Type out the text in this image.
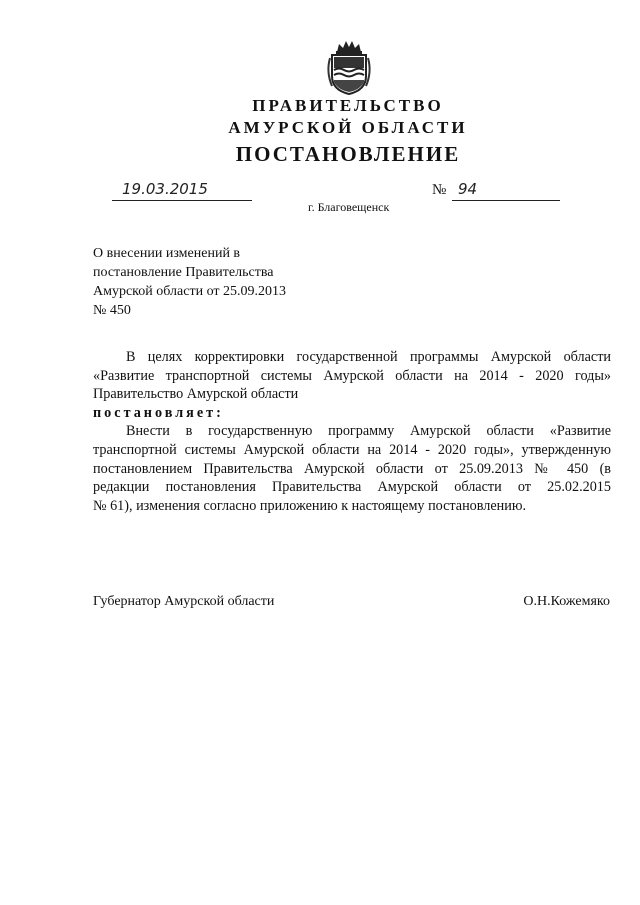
ПРАВИТЕЛЬСТВО
АМУРСКОЙ ОБЛАСТИ
ПОСТАНОВЛЕНИЕ
19.03.2015	№ 94
г. Благовещенск
О внесении изменений в
постановление Правительства
Амурской области от 25.09.2013
№ 450
В целях корректировки государственной программы Амурской области
«Развитие транспортной системы Амурской области на 2014 - 2020 годы»
Правительство Амурской области
постановляет:
Внести в государственную программу Амурской области «Развитие
транспортной системы Амурской области на 2014 - 2020 годы», утвержденную
постановлением Правительства Амурской области от 25.09.2013 № 450 (в
редакции постановления Правительства Амурской области от 25.02.2015
№ 61), изменения согласно приложению к настоящему постановлению.
Губернатор Амурской области	О.Н.Кожемяко
